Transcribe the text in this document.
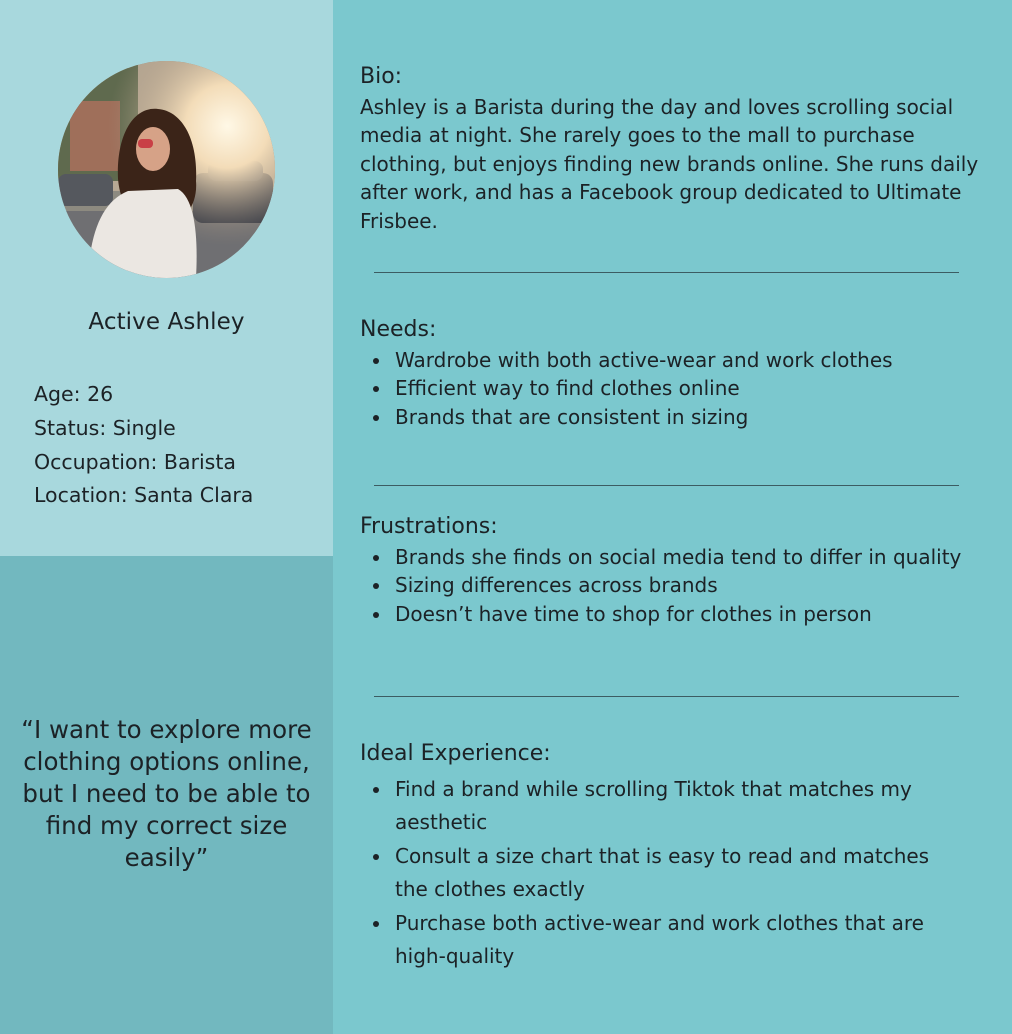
Active Ashley
Age: 26
Status: Single
Occupation: Barista
Location: Santa Clara
“I want to explore more clothing options online, but I need to be able to find my correct size easily”
Bio:
Ashley is a Barista during the day and loves scrolling social media at night. She rarely goes to the mall to purchase clothing, but enjoys finding new brands online. She runs daily after work, and has a Facebook group dedicated to Ultimate Frisbee.
Needs:
Wardrobe with both active-wear and work clothes
Efficient way to find clothes online
Brands that are consistent in sizing
Frustrations:
Brands she finds on social media tend to differ in quality
Sizing differences across brands
Doesn’t have time to shop for clothes in person
Ideal Experience:
Find a brand while scrolling Tiktok that matches my aesthetic
Consult a size chart that is easy to read and matches the clothes exactly
Purchase both active-wear and work clothes that are high-quality
